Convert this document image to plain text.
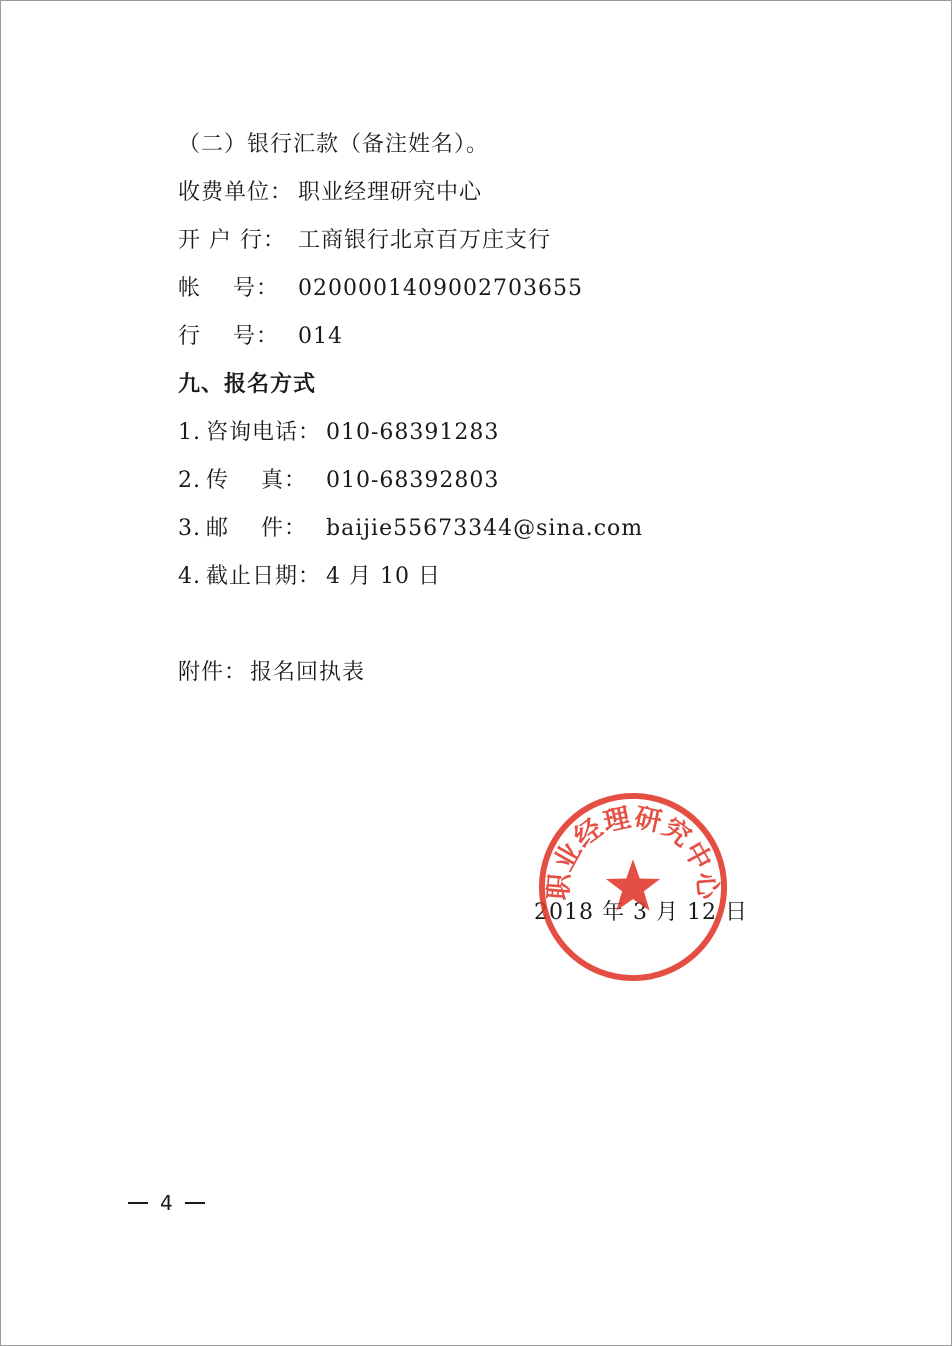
（二）银行汇款（备注姓名）。
收费单位： 职业经理研究中心
开 户 行： 工商银行北京百万庄支行
帐    号： 0200001409002703655
行    号： 014
九、报名方式
1. 咨询电话： 010-68391283
2. 传    真： 010-68392803
3. 邮    件： baijie55673344@sina.com
4. 截止日期： 4 月 10 日
附件： 报名回执表
2018 年 3 月 12 日
职业经理研究中心
4
